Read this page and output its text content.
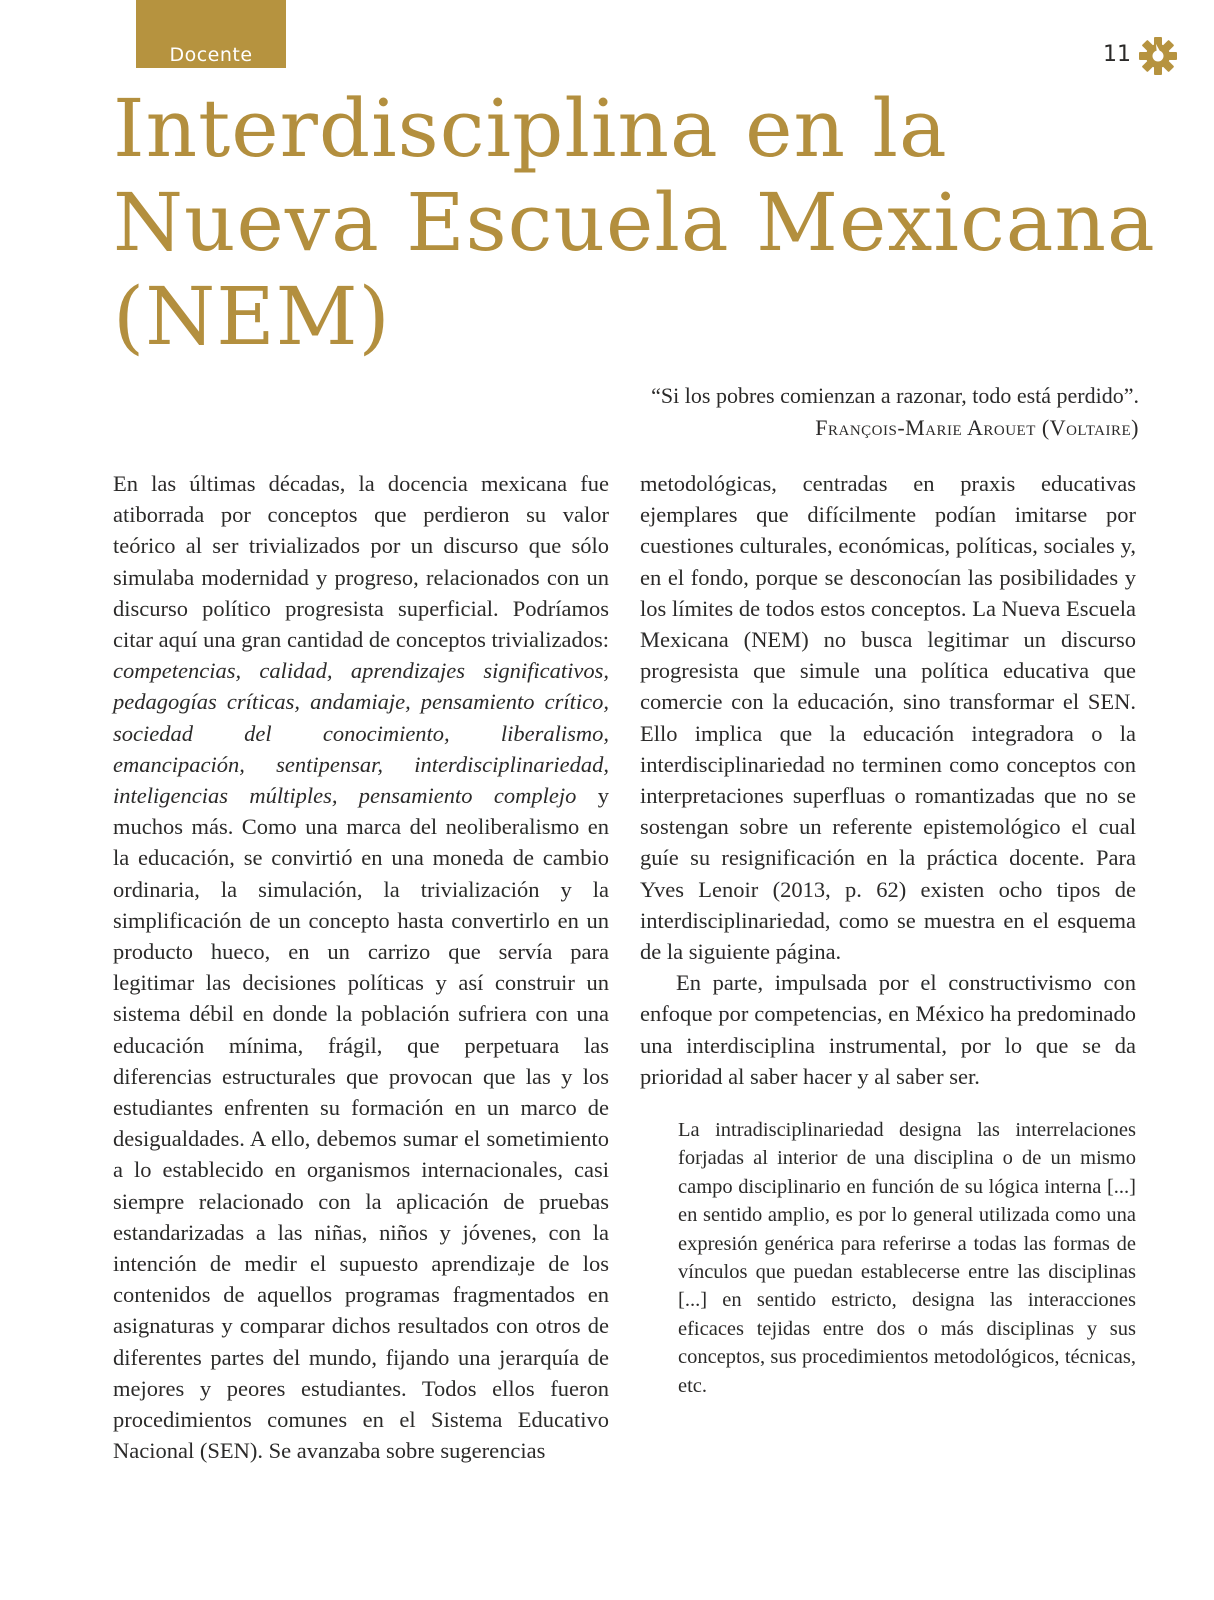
Docente	11
Interdisciplina en la
Nueva Escuela Mexicana
(NEM)
“Si los pobres comienzan a razonar, todo está perdido”.
François-Marie Arouet (Voltaire)

En las últimas décadas, la docencia mexicana fue atiborrada por conceptos que perdieron su valor teórico al ser trivializados por un discurso que sólo simulaba modernidad y progreso, relacionados con un discurso político progresista superficial. Podríamos citar aquí una gran cantidad de conceptos trivializados: competencias, calidad, aprendizajes significativos, pedagogías críticas, andamiaje, pensamiento crítico, sociedad del conocimiento, liberalismo, emancipación, sentipensar, interdisciplinariedad, inteligencias múltiples, pensamiento complejo y muchos más. Como una marca del neoliberalismo en la educación, se convirtió en una moneda de cambio ordinaria, la simulación, la trivialización y la simplificación de un concepto hasta convertirlo en un producto hueco, en un carrizo que servía para legitimar las decisiones políticas y así construir un sistema débil en donde la población sufriera con una educación mínima, frágil, que perpetuara las diferencias estructurales que provocan que las y los estudiantes enfrenten su formación en un marco de desigualdades. A ello, debemos sumar el sometimiento a lo establecido en organismos internacionales, casi siempre relacionado con la aplicación de pruebas estandarizadas a las niñas, niños y jóvenes, con la intención de medir el supuesto aprendizaje de los contenidos de aquellos programas fragmentados en asignaturas y comparar dichos resultados con otros de diferentes partes del mundo, fijando una jerarquía de mejores y peores estudiantes. Todos ellos fueron procedimientos comunes en el Sistema Educativo Nacional (SEN). Se avanzaba sobre sugerencias

metodológicas, centradas en praxis educativas ejemplares que difícilmente podían imitarse por cuestiones culturales, económicas, políticas, sociales y, en el fondo, porque se desconocían las posibilidades y los límites de todos estos conceptos. La Nueva Escuela Mexicana (NEM) no busca legitimar un discurso progresista que simule una política educativa que comercie con la educación, sino transformar el SEN. Ello implica que la educación integradora o la interdisciplinariedad no terminen como conceptos con interpretaciones superfluas o romantizadas que no se sostengan sobre un referente epistemológico el cual guíe su resignificación en la práctica docente. Para Yves Lenoir (2013, p. 62) existen ocho tipos de interdisciplinariedad, como se muestra en el esquema de la siguiente página.

En parte, impulsada por el constructivismo con enfoque por competencias, en México ha predominado una interdisciplina instrumental, por lo que se da prioridad al saber hacer y al saber ser.

La intradisciplinariedad designa las interrelaciones forjadas al interior de una disciplina o de un mismo campo disciplinario en función de su lógica interna [...] en sentido amplio, es por lo general utilizada como una expresión genérica para referirse a todas las formas de vínculos que puedan establecerse entre las disciplinas [...] en sentido estricto, designa las interacciones eficaces tejidas entre dos o más disciplinas y sus conceptos, sus procedimientos metodológicos, técnicas, etc.
